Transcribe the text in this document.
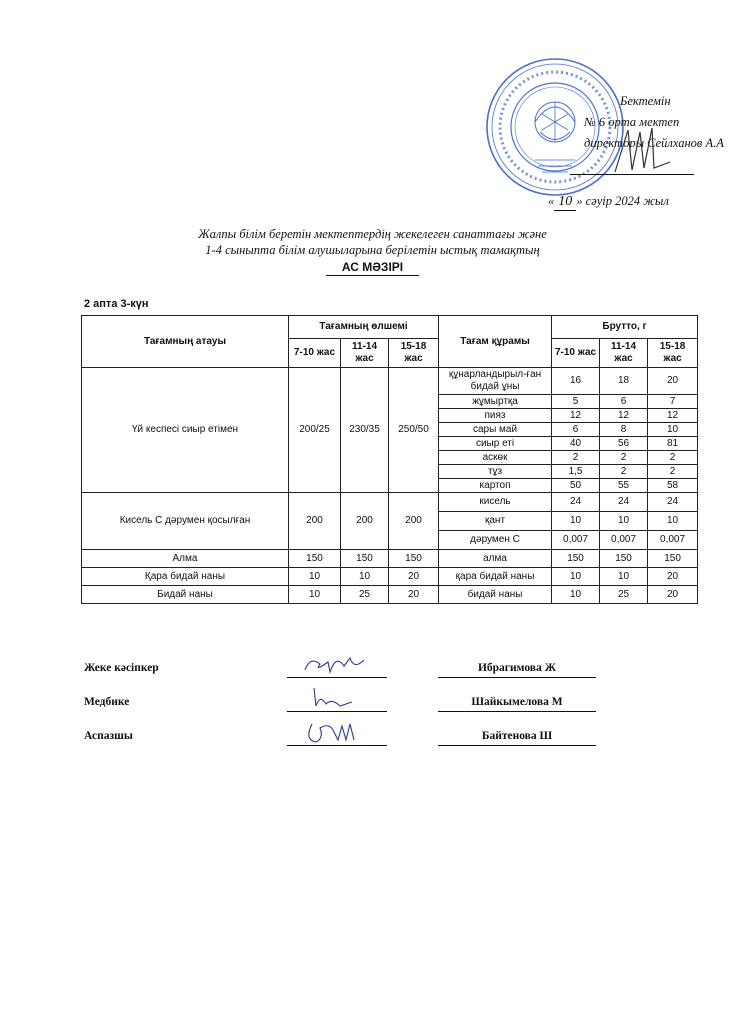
Бектемін
№ 6 орта мектеп
директоры Сейлханов А.А
« 10 » сәуір 2024 жыл
Жалпы білім беретін мектептердің жекелеген санаттағы және
1-4 сыныпта білім алушыларына берілетін ыстық тамақтың
АС МӘЗІРІ
2 апта 3-күн
Тағамның атауы	Тағамның өлшемі			Тағам құрамы	Брутто, г		
	7-10 жас	11-14 жас	15-18 жас		7-10 жас	11-14 жас	15-18 жас
Үй кеспесі сиыр етімен	200/25	230/35	250/50	құнарландырыл-ған бидай ұны	16	18	20
				жұмыртқа	5	6	7
				пияз	12	12	12
				сары май	6	8	10
				сиыр еті	40	56	81
				аскөк	2	2	2
				тұз	1,5	2	2
				картоп	50	55	58
Кисель С дәрумен қосылған	200	200	200	кисель	24	24	24
				қант	10	10	10
				дәрумен С	0,007	0,007	0,007
Алма	150	150	150	алма	150	150	150
Қара бидай наны	10	10	20	қара бидай наны	10	10	20
Бидай наны	10	25	20	бидай наны	10	25	20
Жеке кәсіпкер	Ибрагимова Ж
Медбике	Шайкымелова М
Аспазшы	Байтенова Ш
